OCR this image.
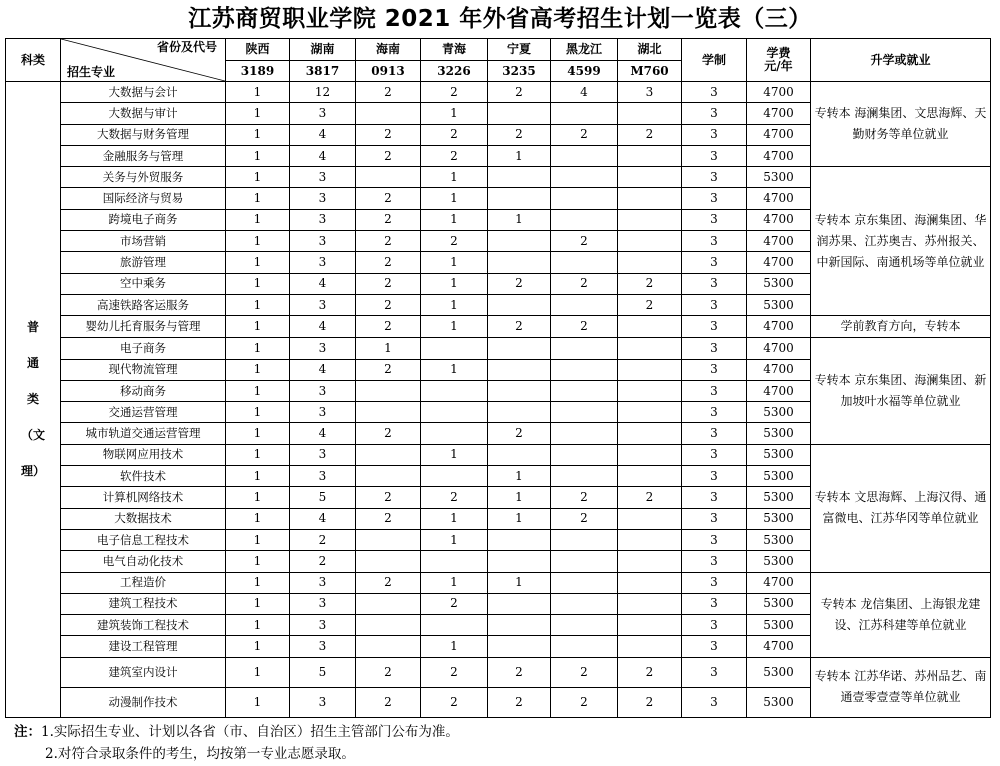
江苏商贸职业学院 2021 年外省高考招生计划一览表（三）
科类	省份及代号
招生专业	陕西	湖南	海南	青海	宁夏	黑龙江	湖北	学制	学费
元/年	升学或就业
		3189	3817	0913	3226	3235	4599	M760			

普
通
类
（文
理）	大数据与会计	1	12	2	2	2	4	3	3	4700	专转本 海澜集团、文思海辉、天勤财务等单位就业
	大数据与审计	1	3		1				3	4700	
	大数据与财务管理	1	4	2	2	2	2	2	3	4700	
	金融服务与管理	1	4	2	2	1			3	4700	
	关务与外贸服务	1	3		1				3	5300	专转本 京东集团、海澜集团、华润苏果、江苏奥吉、苏州报关、中新国际、南通机场等单位就业
	国际经济与贸易	1	3	2	1				3	4700	
	跨境电子商务	1	3	2	1	1			3	4700	
	市场营销	1	3	2	2		2		3	4700	
	旅游管理	1	3	2	1				3	4700	
	空中乘务	1	4	2	1	2	2	2	3	5300	
	高速铁路客运服务	1	3	2	1			2	3	5300	
	婴幼儿托育服务与管理	1	4	2	1	2	2		3	4700	学前教育方向，专转本
	电子商务	1	3	1					3	4700	专转本 京东集团、海澜集团、新加坡叶水福等单位就业
	现代物流管理	1	4	2	1				3	4700	
	移动商务	1	3						3	4700	
	交通运营管理	1	3						3	5300	
	城市轨道交通运营管理	1	4	2		2			3	5300	
	物联网应用技术	1	3		1				3	5300	专转本 文思海辉、上海汉得、通富微电、江苏华冈等单位就业
	软件技术	1	3			1			3	5300	
	计算机网络技术	1	5	2	2	1	2	2	3	5300	
	大数据技术	1	4	2	1	1	2		3	5300	
	电子信息工程技术	1	2		1				3	5300	
	电气自动化技术	1	2						3	5300	
	工程造价	1	3	2	1	1			3	4700	专转本 龙信集团、上海银龙建设、江苏科建等单位就业
	建筑工程技术	1	3		2				3	5300	
	建筑装饰工程技术	1	3						3	5300	
	建设工程管理	1	3		1				3	4700	
	建筑室内设计	1	5	2	2	2	2	2	3	5300	专转本 江苏华诺、苏州品艺、南通壹零壹壹等单位就业
	动漫制作技术	1	3	2	2	2	2	2	3	5300	
注：1.实际招生专业、计划以各省（市、自治区）招生主管部门公布为准。
2.对符合录取条件的考生，均按第一专业志愿录取。
